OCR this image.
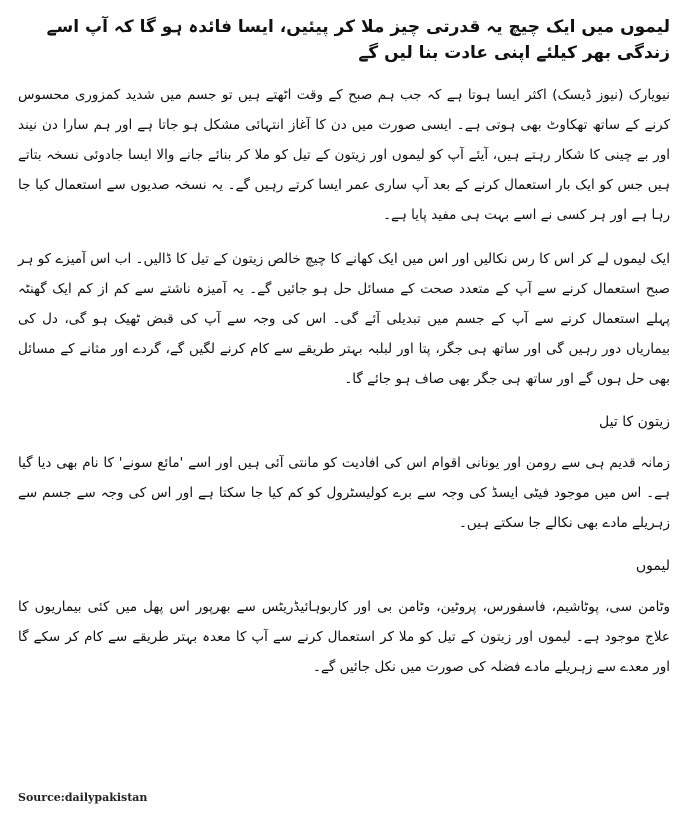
لیموں میں ایک چیچ یہ قدرتی چیز ملا کر پیئیں، ایسا فائدہ ہو گا کہ آپ اسے زندگی بھر کیلئے اپنی عادت بنا لیں گے

نیویارک (نیوز ڈیسک) اکثر ایسا ہوتا ہے کہ جب ہم صبح کے وقت اٹھتے ہیں تو جسم میں شدید کمزوری محسوس کرنے کے ساتھ تھکاوٹ بھی ہوتی ہے۔ ایسی صورت میں دن کا آغاز انتہائی مشکل ہو جاتا ہے اور ہم سارا دن نیند اور بے چینی کا شکار رہتے ہیں، آیئے آپ کو لیموں اور زیتون کے تیل کو ملا کر بنائے جانے والا ایسا جادوئی نسخہ بتاتے ہیں جس کو ایک بار استعمال کرنے کے بعد آپ ساری عمر ایسا کرتے رہیں گے۔ یہ نسخہ صدیوں سے استعمال کیا جا رہا ہے اور ہر کسی نے اسے بہت ہی مفید پایا ہے۔

ایک لیموں لے کر اس کا رس نکالیں اور اس میں ایک کھانے کا چیچ خالص زیتون کے تیل کا ڈالیں۔ اب اس آمیزے کو ہر صبح استعمال کرنے سے آپ کے متعدد صحت کے مسائل حل ہو جائیں گے۔ یہ آمیزہ ناشتے سے کم از کم ایک گھنٹہ پہلے استعمال کرنے سے آپ کے جسم میں تبدیلی آئے گی۔ اس کی وجہ سے آپ کی قبض ٹھیک ہو گی، دل کی بیماریاں دور رہیں گی اور ساتھ ہی جگر، پتا اور لبلبہ بہتر طریقے سے کام کرنے لگیں گے، گردے اور مثانے کے مسائل بھی حل ہوں گے اور ساتھ ہی جگر بھی صاف ہو جائے گا۔

زیتون کا تیل

زمانہ قدیم ہی سے رومن اور یونانی اقوام اس کی افادیت کو مانتی آئی ہیں اور اسے 'مائع سونے' کا نام بھی دیا گیا ہے۔ اس میں موجود فیٹی ایسڈ کی وجہ سے برے کولیسٹرول کو کم کیا جا سکتا ہے اور اس کی وجہ سے جسم سے زہریلے مادے بھی نکالے جا سکتے ہیں۔

لیموں

وٹامن سی، پوٹاشیم، فاسفورس، پروٹین، وٹامن بی اور کاربوہائیڈریٹس سے بھرپور اس پھل میں کئی بیماریوں کا علاج موجود ہے۔ لیموں اور زیتون کے تیل کو ملا کر استعمال کرنے سے آپ کا معدہ بہتر طریقے سے کام کر سکے گا اور معدے سے زہریلے مادے فضلہ کی صورت میں نکل جائیں گے۔

Source:dailypakistan
